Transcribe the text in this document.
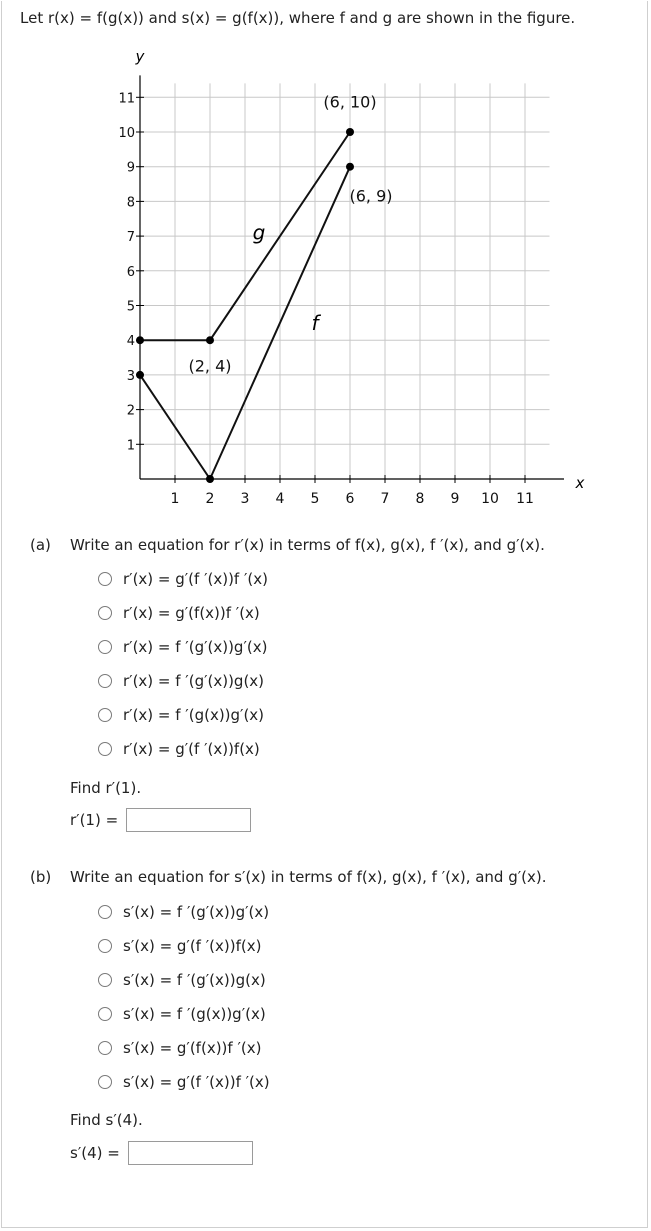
Let r(x) = f(g(x)) and s(x) = g(f(x)), where f and g are shown in the figure.
1 2 3 4 5 6 7 8 9 10 11
1
2
3
4
5
6
7
8
9
10
11
y
x
f
g
(6, 10)
(6, 9)
(2, 4)
(a) Write an equation for r′(x) in terms of f(x), g(x), f ′(x), and g′(x).
r′(x) = g′(f ′(x))f ′(x)
r′(x) = g′(f(x))f ′(x)
r′(x) = f ′(g′(x))g′(x)
r′(x) = f ′(g′(x))g(x)
r′(x) = f ′(g(x))g′(x)
r′(x) = g′(f ′(x))f(x)
Find r′(1).
r′(1) =
(b) Write an equation for s′(x) in terms of f(x), g(x), f ′(x), and g′(x).
s′(x) = f ′(g′(x))g′(x)
s′(x) = g′(f ′(x))f(x)
s′(x) = f ′(g′(x))g(x)
s′(x) = f ′(g(x))g′(x)
s′(x) = g′(f(x))f ′(x)
s′(x) = g′(f ′(x))f ′(x)
Find s′(4).
s′(4) =
